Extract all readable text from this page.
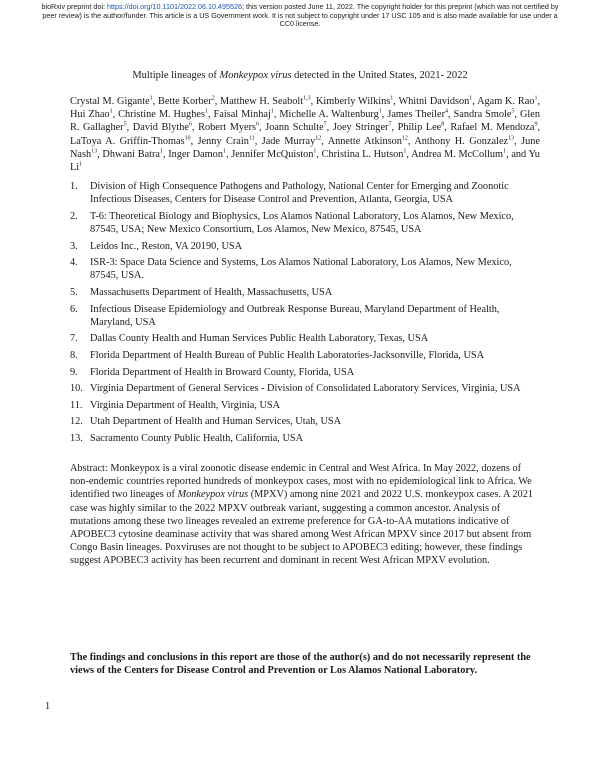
bioRxiv preprint doi: https://doi.org/10.1101/2022.06.10.495526; this version posted June 11, 2022. The copyright holder for this preprint (which was not certified by peer review) is the author/funder. This article is a US Government work. It is not subject to copyright under 17 USC 105 and is also made available for use under a CC0 license.
Multiple lineages of Monkeypox virus detected in the United States, 2021- 2022
Crystal M. Gigante$^1$, Bette Korber$^2$, Matthew H. Seabolt$^{1,3}$, Kimberly Wilkins$^1$, Whitni Davidson$^1$, Agam K. Rao$^1$, Hui Zhao$^1$, Christine M. Hughes$^1$, Faisal Minhaj$^1$, Michelle A. Waltenburg$^1$, James Theiler$^4$, Sandra Smole$^5$, Glen R. Gallagher$^5$, David Blythe$^6$, Robert Myers$^6$, Joann Schulte$^7$, Joey Stringer$^7$, Philip Lee$^8$, Rafael M. Mendoza$^9$, LaToya A. Griffin-Thomas$^{10}$, Jenny Crain$^{11}$, Jade Murray$^{12}$, Annette Atkinson$^{12}$, Anthony H. Gonzalez$^{13}$, June Nash$^{13}$, Dhwani Batra$^1$, Inger Damon$^1$, Jennifer McQuiston$^1$, Christina L. Hutson$^1$, Andrea M. McCollum$^1$, and Yu Li$^1$
1. Division of High Consequence Pathogens and Pathology, National Center for Emerging and Zoonotic Infectious Diseases, Centers for Disease Control and Prevention, Atlanta, Georgia, USA
2. T-6: Theoretical Biology and Biophysics, Los Alamos National Laboratory, Los Alamos, New Mexico, 87545, USA; New Mexico Consortium, Los Alamos, New Mexico, 87545, USA
3. Leidos Inc., Reston, VA 20190, USA
4. ISR-3: Space Data Science and Systems, Los Alamos National Laboratory, Los Alamos, New Mexico, 87545, USA.
5. Massachusetts Department of Health, Massachusetts, USA
6. Infectious Disease Epidemiology and Outbreak Response Bureau, Maryland Department of Health, Maryland, USA
7. Dallas County Health and Human Services Public Health Laboratory, Texas, USA
8. Florida Department of Health Bureau of Public Health Laboratories-Jacksonville, Florida, USA
9. Florida Department of Health in Broward County, Florida, USA
10. Virginia Department of General Services - Division of Consolidated Laboratory Services, Virginia, USA
11. Virginia Department of Health, Virginia, USA
12. Utah Department of Health and Human Services, Utah, USA
13. Sacramento County Public Health, California, USA
Abstract: Monkeypox is a viral zoonotic disease endemic in Central and West Africa. In May 2022, dozens of non-endemic countries reported hundreds of monkeypox cases, most with no epidemiological link to Africa. We identified two lineages of Monkeypox virus (MPXV) among nine 2021 and 2022 U.S. monkeypox cases. A 2021 case was highly similar to the 2022 MPXV outbreak variant, suggesting a common ancestor. Analysis of mutations among these two lineages revealed an extreme preference for GA-to-AA mutations indicative of APOBEC3 cytosine deaminase activity that was shared among West African MPXV since 2017 but absent from Congo Basin lineages. Poxviruses are not thought to be subject to APOBEC3 editing; however, these findings suggest APOBEC3 activity has been recurrent and dominant in recent West African MPXV evolution.
The findings and conclusions in this report are those of the author(s) and do not necessarily represent the views of the Centers for Disease Control and Prevention or Los Alamos National Laboratory.
1
